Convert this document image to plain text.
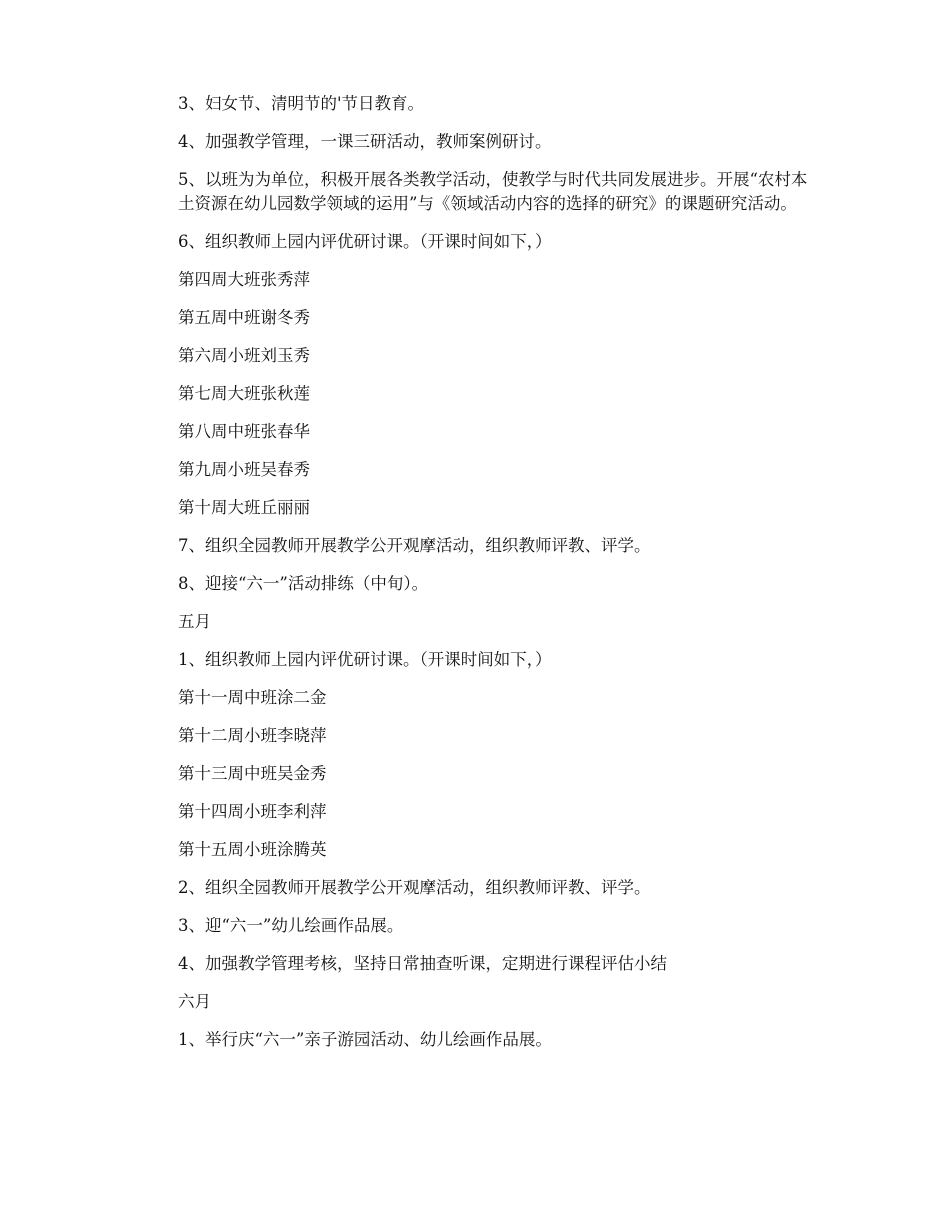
3、妇女节、清明节的'节日教育。

4、加强教学管理，一课三研活动，教师案例研讨。

5、以班为为单位，积极开展各类教学活动，使教学与时代共同发展进步。开展“农村本土资源在幼儿园数学领域的运用”与《领域活动内容的选择的研究》的课题研究活动。

6、组织教师上园内评优研讨课。（开课时间如下，）

第四周大班张秀萍

第五周中班谢冬秀

第六周小班刘玉秀

第七周大班张秋莲

第八周中班张春华

第九周小班吴春秀

第十周大班丘丽丽

7、组织全园教师开展教学公开观摩活动，组织教师评教、评学。

8、迎接“六一”活动排练（中旬）。

五月

1、组织教师上园内评优研讨课。（开课时间如下，）

第十一周中班涂二金

第十二周小班李晓萍

第十三周中班吴金秀

第十四周小班李利萍

第十五周小班涂腾英

2、组织全园教师开展教学公开观摩活动，组织教师评教、评学。

3、迎“六一”幼儿绘画作品展。

4、加强教学管理考核，坚持日常抽查听课，定期进行课程评估小结

六月

1、举行庆“六一”亲子游园活动、幼儿绘画作品展。
